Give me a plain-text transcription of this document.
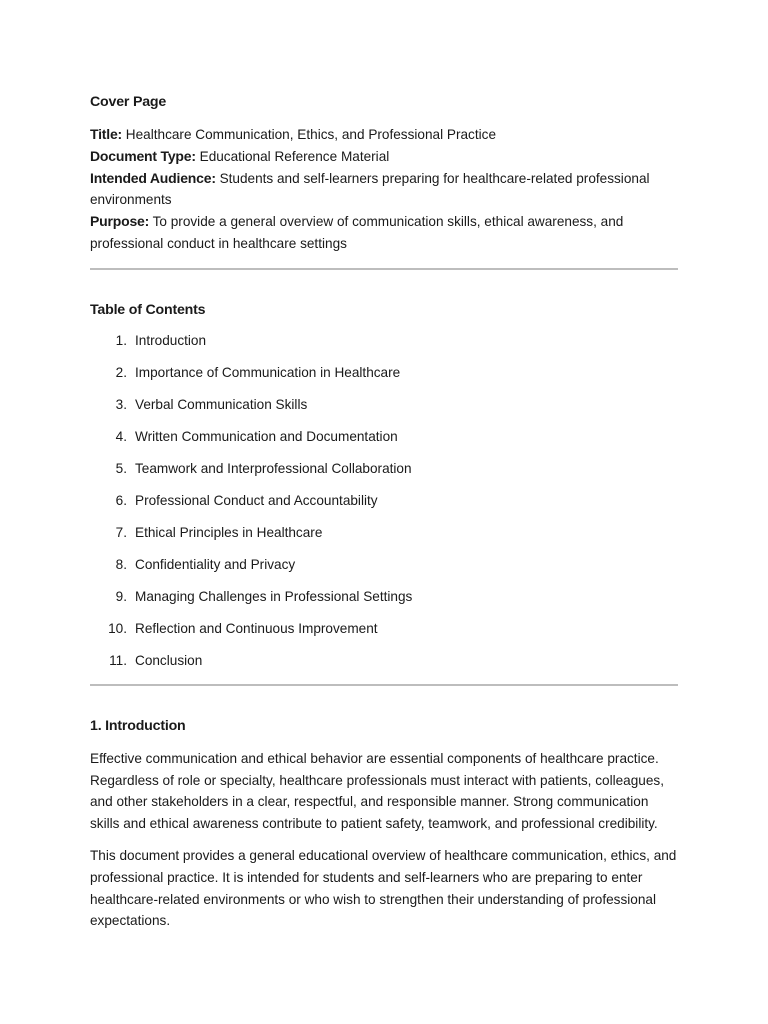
Cover Page

Title: Healthcare Communication, Ethics, and Professional Practice

Document Type: Educational Reference Material

Intended Audience: Students and self-learners preparing for healthcare-related professional environments

Purpose: To provide a general overview of communication skills, ethical awareness, and professional conduct in healthcare settings

Table of Contents
1. Introduction
2. Importance of Communication in Healthcare
3. Verbal Communication Skills
4. Written Communication and Documentation
5. Teamwork and Interprofessional Collaboration
6. Professional Conduct and Accountability
7. Ethical Principles in Healthcare
8. Confidentiality and Privacy
9. Managing Challenges in Professional Settings
10. Reflection and Continuous Improvement
11. Conclusion
1. Introduction

Effective communication and ethical behavior are essential components of healthcare practice. Regardless of role or specialty, healthcare professionals must interact with patients, colleagues, and other stakeholders in a clear, respectful, and responsible manner. Strong communication skills and ethical awareness contribute to patient safety, teamwork, and professional credibility.

This document provides a general educational overview of healthcare communication, ethics, and professional practice. It is intended for students and self-learners who are preparing to enter healthcare-related environments or who wish to strengthen their understanding of professional expectations.
